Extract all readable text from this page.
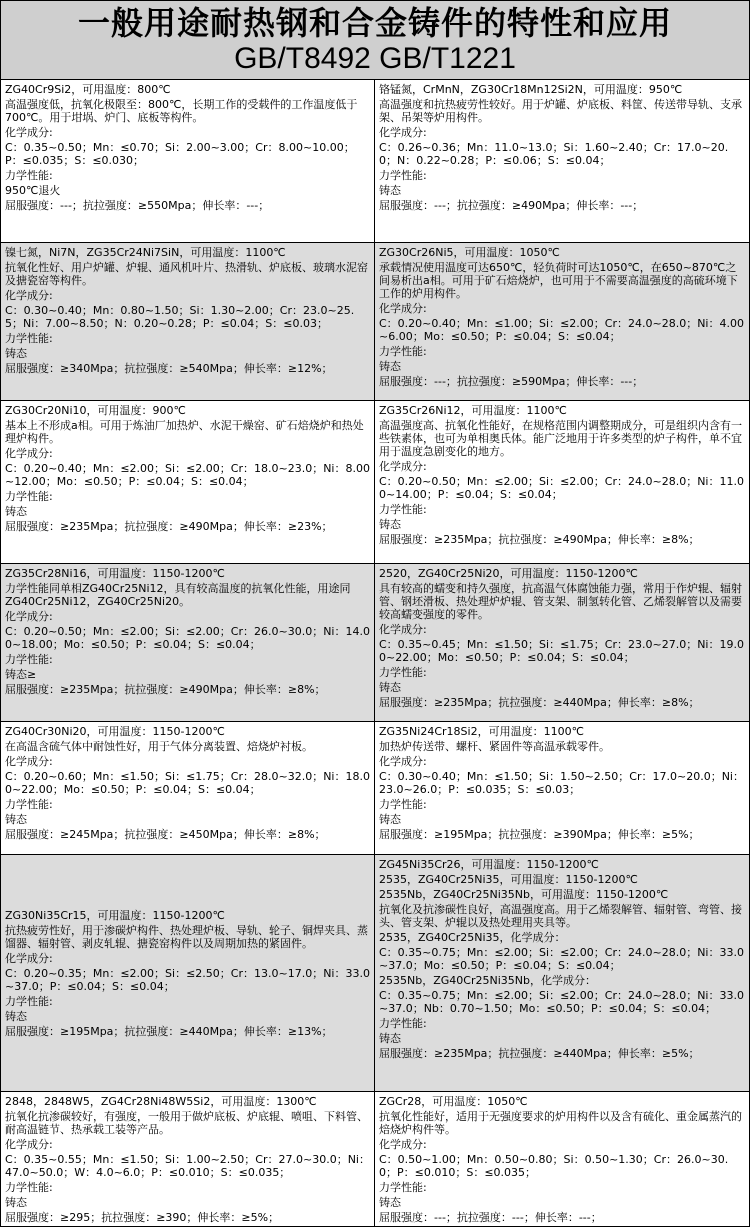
一般用途耐热钢和合金铸件的特性和应用
GB/T8492 GB/T1221
ZG40Cr9Si2，可用温度：800℃
高温强度低，抗氧化极限至：800℃，长期工作的受载件的工作温度低于700℃。用于坩埚、炉门、底板等构件。
化学成分:
C：0.35~0.50；Mn：≤0.70；Si：2.00~3.00；Cr：8.00~10.00；P：≤0.035；S：≤0.030；
力学性能:
950℃退火
屈服强度：---；抗拉强度：≥550Mpa；伸长率：---；
铬锰氮，CrMnN，ZG30Cr18Mn12Si2N，可用温度：950℃
高温强度和抗热疲劳性较好。用于炉罐、炉底板、料筐、传送带导轨、支承架、吊架等炉用构件。
化学成分:
C：0.26~0.36；Mn：11.0~13.0；Si：1.60~2.40；Cr：17.0~20.0；N：0.22~0.28；P：≤0.06；S：≤0.04；
力学性能:
铸态
屈服强度：---；抗拉强度：≥490Mpa；伸长率：---；
镍七氮，Ni7N，ZG35Cr24Ni7SiN，可用温度：1100℃
抗氧化性好、用户炉罐、炉辊、通风机叶片、热滑轨、炉底板、玻璃水泥窑及搪瓷窑等构件。
化学成分:
C：0.30~0.40；Mn：0.80~1.50；Si：1.30~2.00；Cr：23.0~25.5；Ni：7.00~8.50；N：0.20~0.28；P：≤0.04；S：≤0.03；
力学性能:
铸态
屈服强度：≥340Mpa；抗拉强度：≥540Mpa；伸长率：≥12%；
ZG30Cr26Ni5，可用温度：1050℃
承载情况使用温度可达650℃，轻负荷时可达1050℃，在650~870℃之间易析出a相。可用于矿石焙烧炉，也可用于不需要高温强度的高硫环境下工作的炉用构件。
化学成分:
C：0.20~0.40；Mn：≤1.00；Si：≤2.00；Cr：24.0~28.0；Ni：4.00~6.00；Mo：≤0.50；P：≤0.04；S：≤0.04；
力学性能:
铸态
屈服强度：---；抗拉强度：≥590Mpa；伸长率：---；
ZG30Cr20Ni10，可用温度：900℃
基本上不形成a相。可用于炼油厂加热炉、水泥干燥窑、矿石焙烧炉和热处理炉构件。
化学成分:
C：0.20~0.40；Mn：≤2.00；Si：≤2.00；Cr：18.0~23.0；Ni：8.00~12.00；Mo：≤0.50；P：≤0.04；S：≤0.04；
力学性能:
铸态
屈服强度：≥235Mpa；抗拉强度：≥490Mpa；伸长率：≥23%；
ZG35Cr26Ni12，可用温度：1100℃
高温强度高、抗氧化性能好，在规格范围内调整期成分，可是组织内含有一些铁素体，也可为单相奥氏体。能广泛地用于许多类型的炉子构件，单不宜用于温度急剧变化的地方。
化学成分:
C：0.20~0.50；Mn：≤2.00；Si：≤2.00；Cr：24.0~28.0；Ni：11.00~14.00；P：≤0.04；S：≤0.04；
力学性能:
铸态
屈服强度：≥235Mpa；抗拉强度：≥490Mpa；伸长率：≥8%；
ZG35Cr28Ni16，可用温度：1150-1200℃
力学性能同单相ZG40Cr25Ni12，具有较高温度的抗氧化性能，用途同ZG40Cr25Ni12，ZG40Cr25Ni20。
化学成分:
C：0.20~0.50；Mn：≤2.00；Si：≤2.00；Cr：26.0~30.0；Ni：14.00~18.00；Mo：≤0.50；P：≤0.04；S：≤0.04；
力学性能:
铸态≥
屈服强度：≥235Mpa；抗拉强度：≥490Mpa；伸长率：≥8%；
2520，ZG40Cr25Ni20，可用温度：1150-1200℃
具有较高的蠕变和持久强度，抗高温气体腐蚀能力强，常用于作炉辊、辐射管、钢坯滑板、热处理炉炉辊、管支架、制氢转化管、乙烯裂解管以及需要较高蠕变强度的零件。
化学成分:
C：0.35~0.45；Mn：≤1.50；Si：≤1.75；Cr：23.0~27.0；Ni：19.00~22.00；Mo：≤0.50；P：≤0.04；S：≤0.04；
力学性能:
铸态
屈服强度：≥235Mpa；抗拉强度：≥440Mpa；伸长率：≥8%；
ZG40Cr30Ni20，可用温度：1150-1200℃
在高温含硫气体中耐蚀性好，用于气体分离装置、焙烧炉衬板。
化学成分:
C：0.20~0.60；Mn：≤1.50；Si：≤1.75；Cr：28.0~32.0；Ni：18.00~22.00；Mo：≤0.50；P：≤0.04；S：≤0.04；
力学性能:
铸态
屈服强度：≥245Mpa；抗拉强度：≥450Mpa；伸长率：≥8%；
ZG35Ni24Cr18Si2，可用温度：1100℃
加热炉传送带、螺杆、紧固件等高温承载零件。
化学成分:
C：0.30~0.40；Mn：≤1.50；Si：1.50~2.50；Cr：17.0~20.0；Ni：23.0~26.0；P：≤0.035；S：≤0.03；
力学性能:
铸态
屈服强度：≥195Mpa；抗拉强度：≥390Mpa；伸长率：≥5%；
ZG30Ni35Cr15，可用温度：1150-1200℃
抗热疲劳性好，用于渗碳炉构件、热处理炉板、导轨、轮子、铜焊夹具、蒸馏器、辐射管、剥皮轧辊、搪瓷窑构件以及周期加热的紧固件。
化学成分:
C：0.20~0.35；Mn：≤2.00；Si：≤2.50；Cr：13.0~17.0；Ni：33.0~37.0；P：≤0.04；S：≤0.04；
力学性能:
铸态
屈服强度：≥195Mpa；抗拉强度：≥440Mpa；伸长率：≥13%；
ZG45Ni35Cr26，可用温度：1150-1200℃
2535，ZG40Cr25Ni35，可用温度：1150-1200℃
2535Nb，ZG40Cr25Ni35Nb，可用温度：1150-1200℃
抗氧化及抗渗碳性良好，高温强度高。用于乙烯裂解管、辐射管、弯管、接头、管支架、炉辊以及热处理用夹具等。
2535，ZG40Cr25Ni35，化学成分：
C：0.35~0.75；Mn：≤2.00；Si：≤2.00；Cr：24.0~28.0；Ni：33.0~37.0；Mo：≤0.50；P：≤0.04；S：≤0.04；
2535Nb，ZG40Cr25Ni35Nb，化学成分：
C：0.35~0.75；Mn：≤2.00；Si：≤2.00；Cr：24.0~28.0；Ni：33.0~37.0；Nb：0.70~1.50；Mo：≤0.50；P：≤0.04；S：≤0.04；
力学性能:
铸态
屈服强度：≥235Mpa；抗拉强度：≥440Mpa；伸长率：≥5%；
2848，2848W5，ZG4Cr28Ni48W5Si2，可用温度：1300℃
抗氧化抗渗碳较好，有强度，一般用于做炉底板、炉底辊、喷咀、下料管、耐高温链节、热承载工装等产品。
化学成分:
C：0.35~0.55；Mn：≤1.50；Si：1.00~2.50；Cr：27.0~30.0；Ni：47.0~50.0；W：4.0~6.0；P：≤0.010；S：≤0.035；
力学性能:
铸态
屈服强度：≥295；抗拉强度：≥390；伸长率：≥5%；
ZGCr28，可用温度：1050℃
抗氧化性能好，适用于无强度要求的炉用构件以及含有硫化、重金属蒸汽的焙烧炉构件等。
化学成分:
C：0.50~1.00；Mn：0.50~0.80；Si：0.50~1.30；Cr：26.0~30.0；P：≤0.010；S：≤0.035；
力学性能:
铸态
屈服强度：---；抗拉强度：---；伸长率：---；
